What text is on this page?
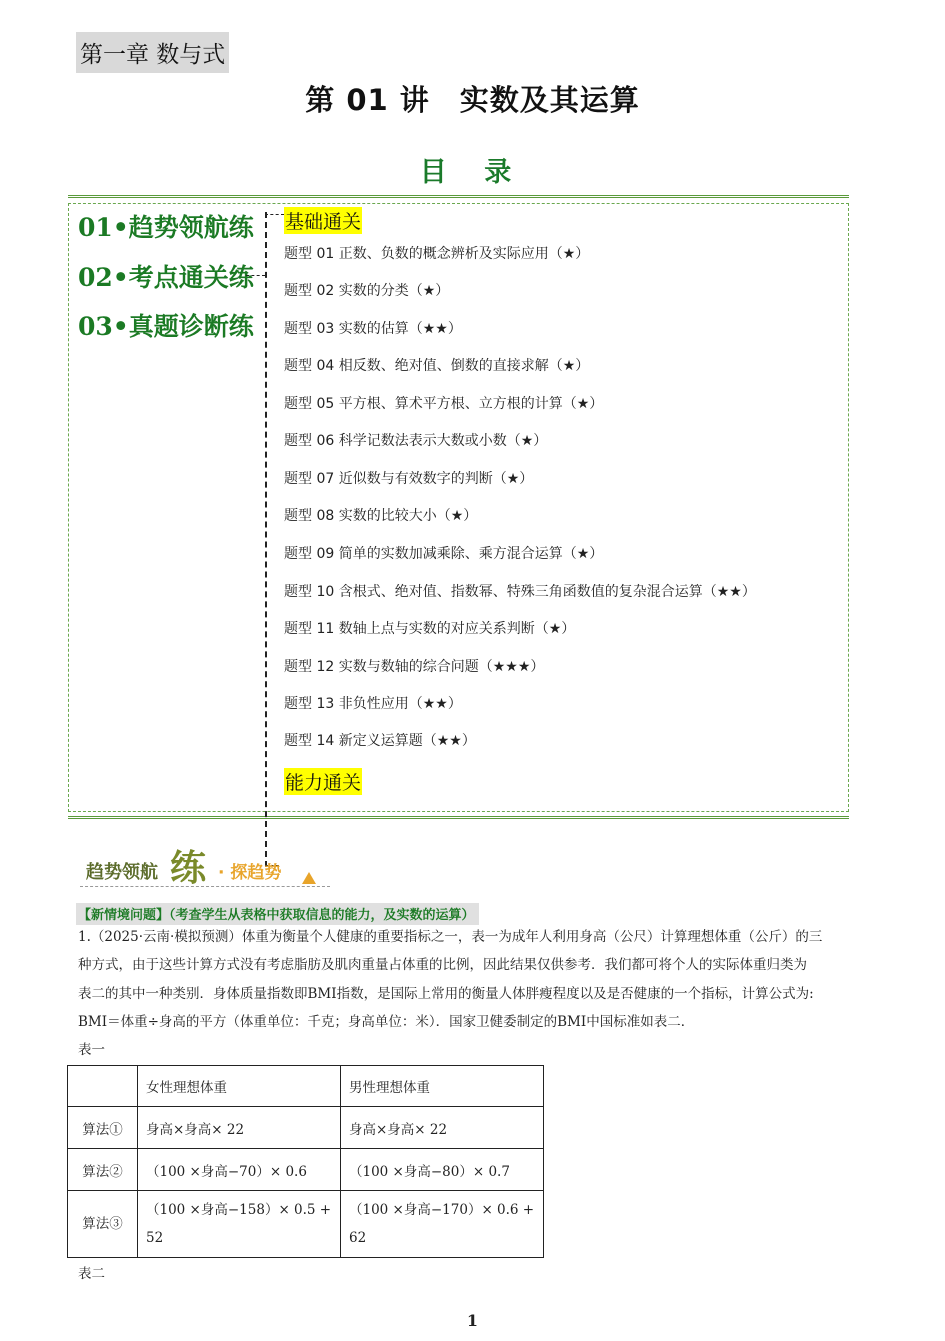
第一章 数与式
第 01 讲　实数及其运算
目 录
01•趋势领航练
02•考点通关练
03•真题诊断练
基础通关
题型 01 正数、负数的概念辨析及实际应用（★）
题型 02 实数的分类（★）
题型 03 实数的估算（★★）
题型 04 相反数、绝对值、倒数的直接求解（★）
题型 05 平方根、算术平方根、立方根的计算（★）
题型 06 科学记数法表示大数或小数（★）
题型 07 近似数与有效数字的判断（★）
题型 08 实数的比较大小（★）
题型 09 简单的实数加减乘除、乘方混合运算（★）
题型 10 含根式、绝对值、指数幂、特殊三角函数值的复杂混合运算（★★）
题型 11 数轴上点与实数的对应关系判断（★）
题型 12 实数与数轴的综合问题（★★★）
题型 13 非负性应用（★★）
题型 14 新定义运算题（★★）
能力通关
趋势领航 练 · 探趋势
【新情境问题】（考查学生从表格中获取信息的能力，及实数的运算）
1.（2025·云南·模拟预测）体重为衡量个人健康的重要指标之一，表一为成年人利用身高（公尺）计算理想体重（公斤）的三
种方式，由于这些计算方式没有考虑脂肪及肌肉重量占体重的比例，因此结果仅供参考．我们都可将个人的实际体重归类为
表二的其中一种类别．身体质量指数即BMI指数，是国际上常用的衡量人体胖瘦程度以及是否健康的一个指标，计算公式为:
BMI＝体重÷身高的平方（体重单位：千克；身高单位：米）．国家卫健委制定的BMI中国标准如表二．
表一
	女性理想体重	男性理想体重
算法①	身高×身高× 22	身高×身高× 22
算法②	（100 ×身高−70）× 0.6	（100 ×身高−80）× 0.7
算法③	（100 ×身高−158）× 0.5 + 52	（100 ×身高−170）× 0.6 + 62
表二
1
